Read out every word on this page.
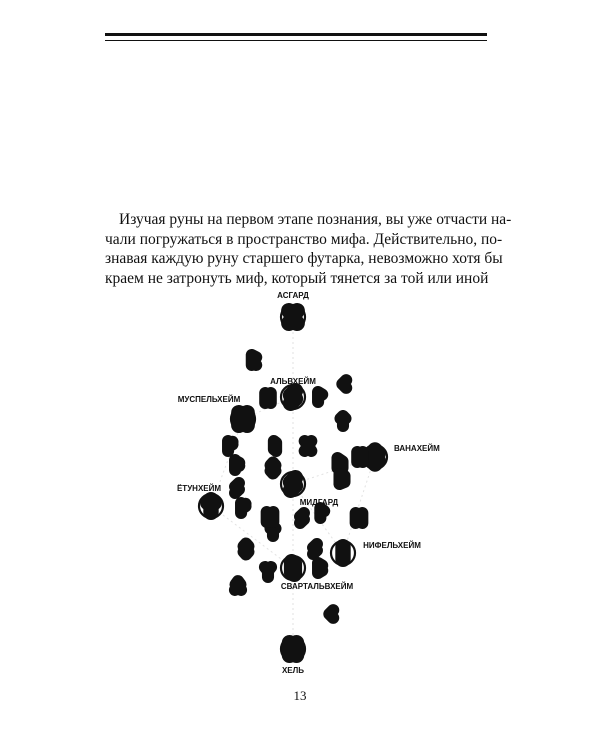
Изучая руны на первом этапе познания, вы уже отчасти на-
чали погружаться в пространство мифа. Действительно, по-
знавая каждую руну старшего футарка, невозможно хотя бы
краем не затронуть миф, который тянется за той или иной
АСГАРД
АЛЬВХЕЙМ
МУСПЕЛЬХЕЙМ
ВАНАХЕЙМ
ЁТУНХЕЙМ
МИДГАРД
НИФЕЛЬХЕЙМ
СВАРТАЛЬВХЕЙМ
ХЕЛЬ
13
